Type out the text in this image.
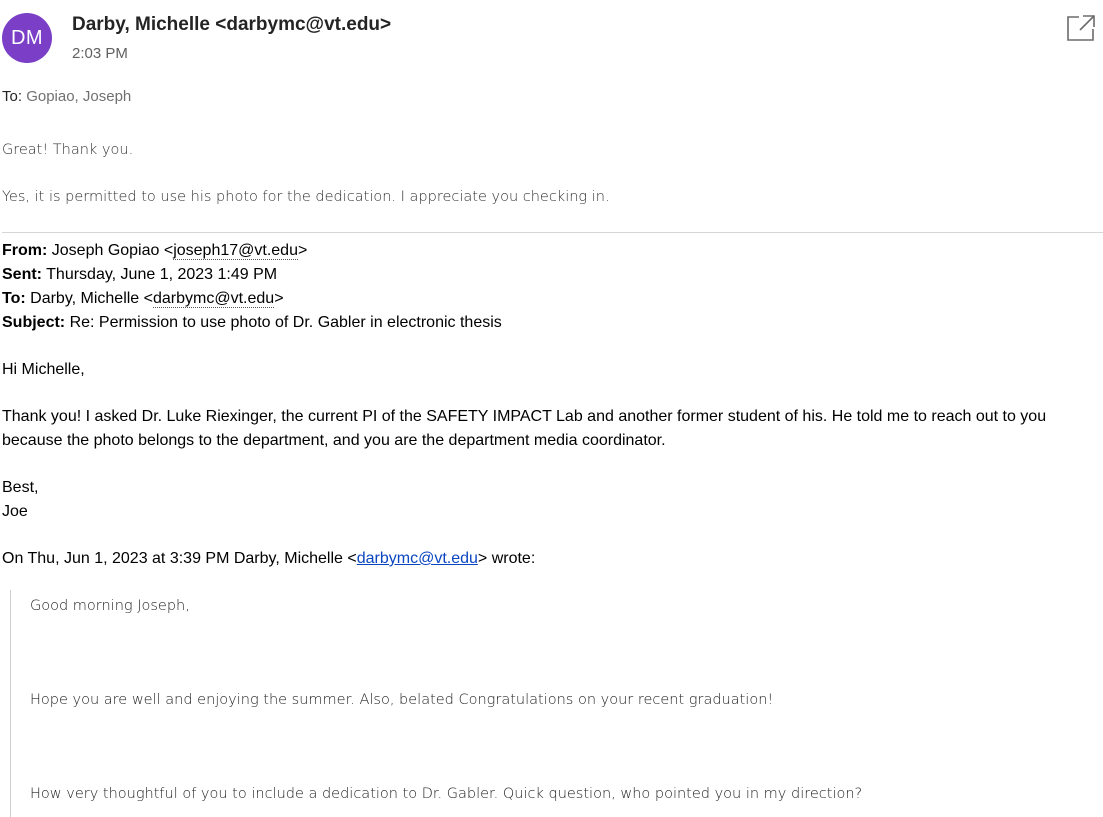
DM
Darby, Michelle <darbymc@vt.edu>
2:03 PM
To: Gopiao, Joseph
Great! Thank you.
Yes, it is permitted to use his photo for the dedication. I appreciate you checking in.
From: Joseph Gopiao <joseph17@vt.edu>
Sent: Thursday, June 1, 2023 1:49 PM
To: Darby, Michelle <darbymc@vt.edu>
Subject: Re: Permission to use photo of Dr. Gabler in electronic thesis
Hi Michelle,
Thank you! I asked Dr. Luke Riexinger, the current PI of the SAFETY IMPACT Lab and another former student of his. He told me to reach out to you
because the photo belongs to the department, and you are the department media coordinator.
Best,
Joe
On Thu, Jun 1, 2023 at 3:39 PM Darby, Michelle <darbymc@vt.edu> wrote:
Good morning Joseph,
Hope you are well and enjoying the summer. Also, belated Congratulations on your recent graduation!
How very thoughtful of you to include a dedication to Dr. Gabler. Quick question, who pointed you in my direction?
